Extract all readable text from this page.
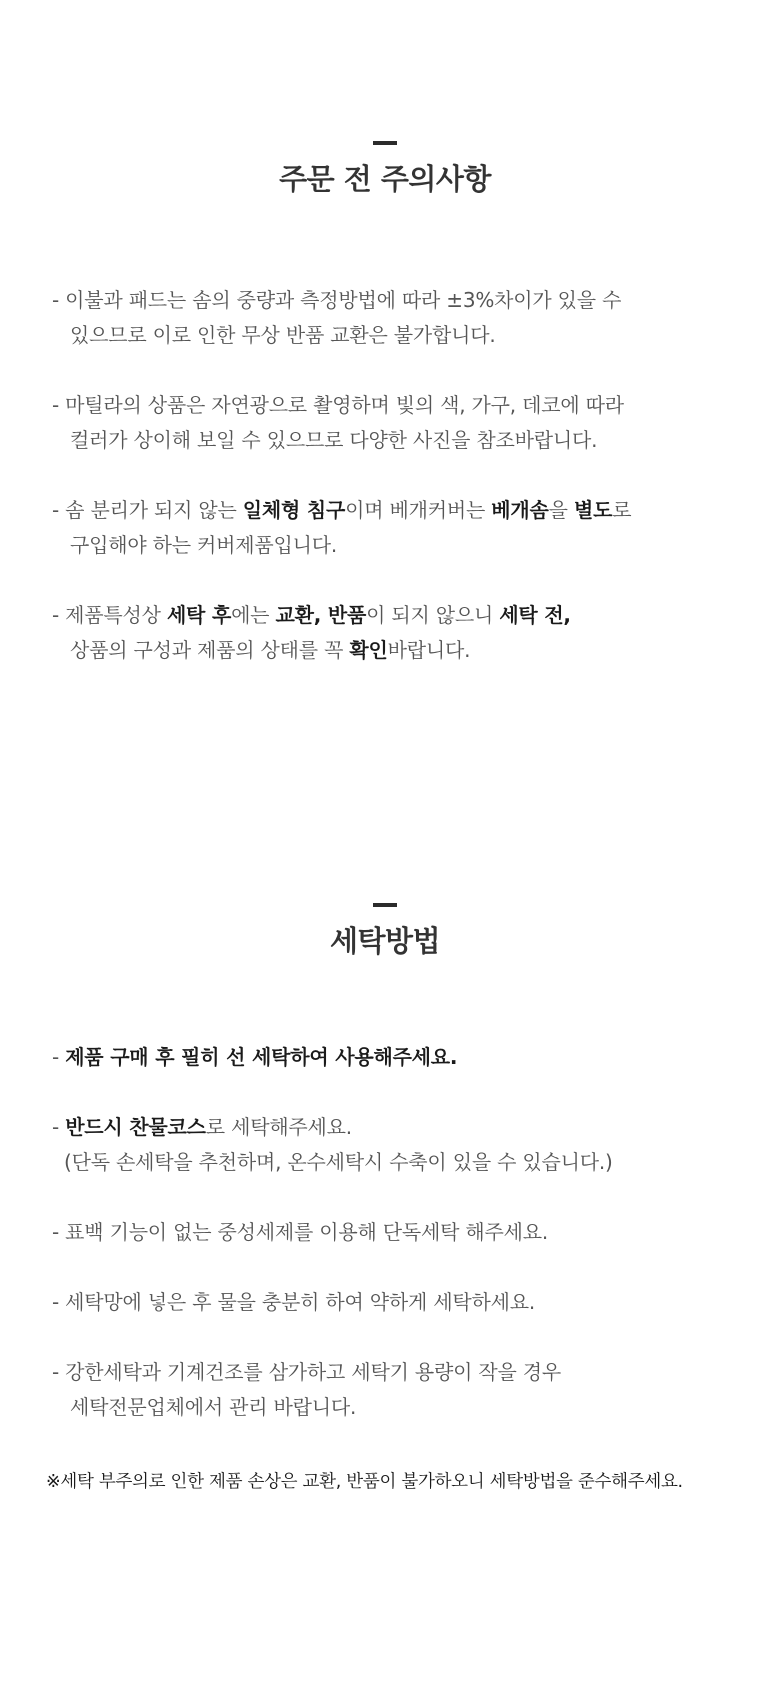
주문 전 주의사항
- 이불과 패드는 솜의 중량과 측정방법에 따라 ±3%차이가 있을 수
있으므로 이로 인한 무상 반품 교환은 불가합니다.
- 마틸라의 상품은 자연광으로 촬영하며 빛의 색, 가구, 데코에 따라
컬러가 상이해 보일 수 있으므로 다양한 사진을 참조바랍니다.
- 솜 분리가 되지 않는 일체형 침구이며 베개커버는 베개솜을 별도로
구입해야 하는 커버제품입니다.
- 제품특성상 세탁 후에는 교환, 반품이 되지 않으니 세탁 전,
상품의 구성과 제품의 상태를 꼭 확인바랍니다.
세탁방법
- 제품 구매 후 필히 선 세탁하여 사용해주세요.
- 반드시 찬물코스로 세탁해주세요.
(단독 손세탁을 추천하며, 온수세탁시 수축이 있을 수 있습니다.)
- 표백 기능이 없는 중성세제를 이용해 단독세탁 해주세요.
- 세탁망에 넣은 후 물을 충분히 하여 약하게 세탁하세요.
- 강한세탁과 기계건조를 삼가하고 세탁기 용량이 작을 경우
세탁전문업체에서 관리 바랍니다.
※세탁 부주의로 인한 제품 손상은 교환, 반품이 불가하오니 세탁방법을 준수해주세요.
